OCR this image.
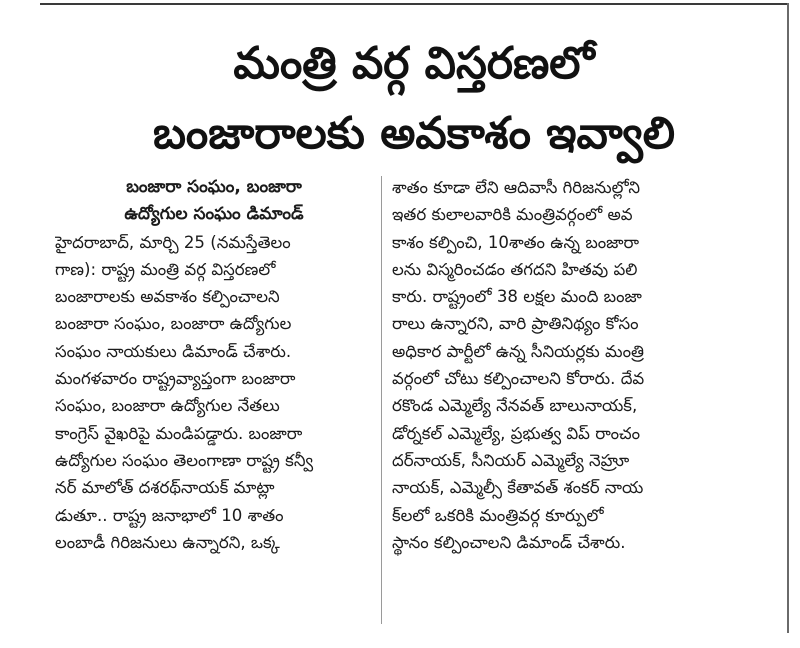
మంత్రి వర్గ విస్తరణలో
బంజారాలకు అవకాశం ఇవ్వాలి
బంజారా సంఘం, బంజారా
ఉద్యోగుల సంఘం డిమాండ్
హైదరాబాద్, మార్చి 25 (నమస్తేతెలం
గాణ): రాష్ట్ర మంత్రి వర్గ విస్తరణలో
బంజారాలకు అవకాశం కల్పించాలని
బంజారా సంఘం, బంజారా ఉద్యోగుల
సంఘం నాయకులు డిమాండ్ చేశారు.
మంగళవారం రాష్ట్రవ్యాప్తంగా బంజారా
సంఘం, బంజారా ఉద్యోగుల నేతలు
కాంగ్రెస్ వైఖరిపై మండిపడ్డారు. బంజారా
ఉద్యోగుల సంఘం తెలంగాణా రాష్ట్ర కన్వీ
నర్ మాలోత్ దశరథ్‌నాయక్ మాట్లా
డుతూ.. రాష్ట్ర జనాభాలో 10 శాతం
లంబాడీ గిరిజనులు ఉన్నారని, ఒక్క
శాతం కూడా లేని ఆదివాసీ గిరిజనుల్లోని
ఇతర కులాలవారికి మంత్రివర్గంలో అవ
కాశం కల్పించి, 10శాతం ఉన్న బంజారా
లను విస్మరించడం తగదని హితవు పలి
కారు. రాష్ట్రంలో 38 లక్షల మంది బంజా
రాలు ఉన్నారని, వారి ప్రాతినిథ్యం కోసం
అధికార పార్టీలో ఉన్న సీనియర్లకు మంత్రి
వర్గంలో చోటు కల్పించాలని కోరారు. దేవ
రకొండ ఎమ్మెల్యే నేనవత్ బాలునాయక్,
డోర్నకల్ ఎమ్మెల్యే, ప్రభుత్వ విప్ రాంచం
దర్‌నాయక్, సీనియర్ ఎమ్మెల్యే నెహ్రూ
నాయక్, ఎమ్మెల్సీ కేతావత్ శంకర్ నాయ
క్‌లలో ఒకరికి మంత్రివర్గ కూర్పులో
స్థానం కల్పించాలని డిమాండ్ చేశారు.
